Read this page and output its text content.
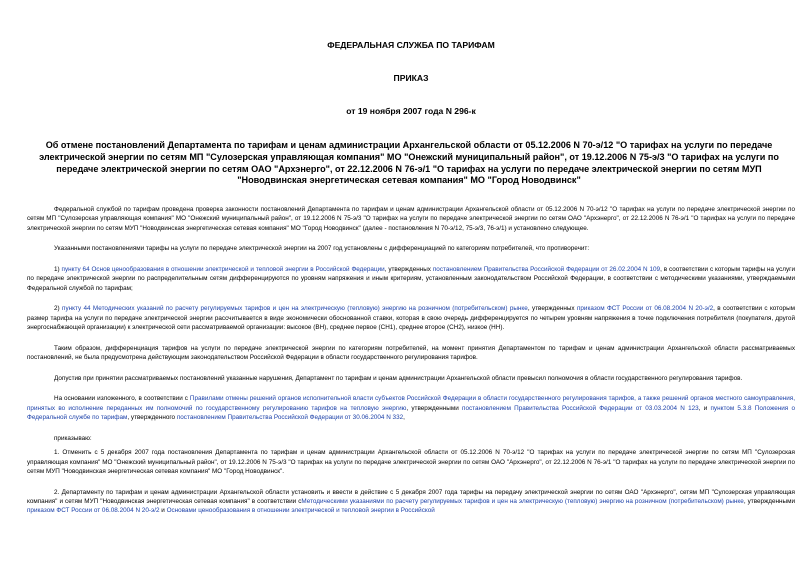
ФЕДЕРАЛЬНАЯ СЛУЖБА ПО ТАРИФАМ
ПРИКАЗ
от 19 ноября 2007 года N 296-к
Об отмене постановлений Департамента по тарифам и ценам администрации Архангельской области от 05.12.2006 N 70-э/12 "О тарифах на услуги по передаче электрической энергии по сетям МП "Сулозерская управляющая компания" МО "Онежский муниципальный район", от 19.12.2006 N 75-э/3 "О тарифах на услуги по передаче электрической энергии по сетям ОАО "Архэнерго", от 22.12.2006 N 76-э/1 "О тарифах на услуги по передаче электрической энергии по сетям МУП "Новодвинская энергетическая сетевая компания" МО "Город Новодвинск"

Федеральной службой по тарифам проведена проверка законности постановлений Департамента по тарифам и ценам администрации Архангельской области от 05.12.2006 N 70-э/12 "О тарифах на услуги по передаче электрической энергии по сетям МП "Сулозерская управляющая компания" МО "Онежский муниципальный район", от 19.12.2006 N 75-э/3 "О тарифах на услуги по передаче электрической энергии по сетям ОАО "Архэнерго", от 22.12.2006 N 76-э/1 "О тарифах на услуги по передаче электрической энергии по сетям МУП "Новодвинская энергетическая сетевая компания" МО "Город Новодвинск" (далее - постановления N 70-э/12, 75-э/3, 76-э/1) и установлено следующее.

Указанными постановлениями тарифы на услуги по передаче электрической энергии на 2007 год установлены с дифференциацией по категориям потребителей, что противоречит:

1) пункту 64 Основ ценообразования в отношении электрической и тепловой энергии в Российской Федерации, утвержденных постановлением Правительства Российской Федерации от 26.02.2004 N 109, в соответствии с которым тарифы на услуги по передаче электрической энергии по распределительным сетям дифференцируются по уровням напряжения и иным критериям, установленным законодательством Российской Федерации, в соответствии с методическими указаниями, утверждаемыми Федеральной службой по тарифам;

2) пункту 44 Методических указаний по расчету регулируемых тарифов и цен на электрическую (тепловую) энергию на розничном (потребительском) рынке, утвержденных приказом ФСТ России от 06.08.2004 N 20-э/2, в соответствии с которым размер тарифа на услуги по передаче электрической энергии рассчитывается в виде экономически обоснованной ставки, которая в свою очередь дифференцируется по четырем уровням напряжения в точке подключения потребителя (покупателя, другой энергоснабжающей организации) к электрической сети рассматриваемой организации: высокое (ВН), среднее первое (СН1), среднее второе (СН2), низкое (НН).

Таким образом, дифференциация тарифов на услуги по передаче электрической энергии по категориям потребителей, на момент принятия Департаментом по тарифам и ценам администрации Архангельской области рассматриваемых постановлений, не была предусмотрена действующим законодательством Российской Федерации в области государственного регулирования тарифов.

Допустив при принятии рассматриваемых постановлений указанные нарушения, Департамент по тарифам и ценам администрации Архангельской области превысил полномочия в области государственного регулирования тарифов.

На основании изложенного, в соответствии с Правилами отмены решений органов исполнительной власти субъектов Российской Федерации в области государственного регулирования тарифов, а также решений органов местного самоуправления, принятых во исполнение переданных им полномочий по государственному регулированию тарифов на тепловую энергию, утвержденными постановлением Правительства Российской Федерации от 03.03.2004 N 123, и пунктом 5.3.8 Положения о Федеральной службе по тарифам, утвержденного постановлением Правительства Российской Федерации от 30.06.2004 N 332,

приказываю:

1. Отменить с 5 декабря 2007 года постановления Департамента по тарифам и ценам администрации Архангельской области от 05.12.2006 N 70-э/12 "О тарифах на услуги по передаче электрической энергии по сетям МП "Сулозерская управляющая компания" МО "Онежский муниципальный район", от 19.12.2006 N 75-э/3 "О тарифах на услуги по передаче электрической энергии по сетям ОАО "Архэнерго", от 22.12.2006 N 76-э/1 "О тарифах на услуги по передаче электрической энергии по сетям МУП "Новодвинская энергетическая сетевая компания" МО "Город Новодвинск".

2. Департаменту по тарифам и ценам администрации Архангельской области установить и ввести в действие с 5 декабря 2007 года тарифы на передачу электрической энергии по сетям ОАО "Архэнерго", сетям МП "Сулозерская управляющая компания" и сетям МУП "Новодвинская энергетическая сетевая компания" в соответствии сМетодическими указаниями по расчету регулируемых тарифов и цен на электрическую (тепловую) энергию на розничном (потребительском) рынке, утвержденными приказом ФСТ России от 06.08.2004 N 20-э/2 и Основами ценообразования в отношении электрической и тепловой энергии в Российской
